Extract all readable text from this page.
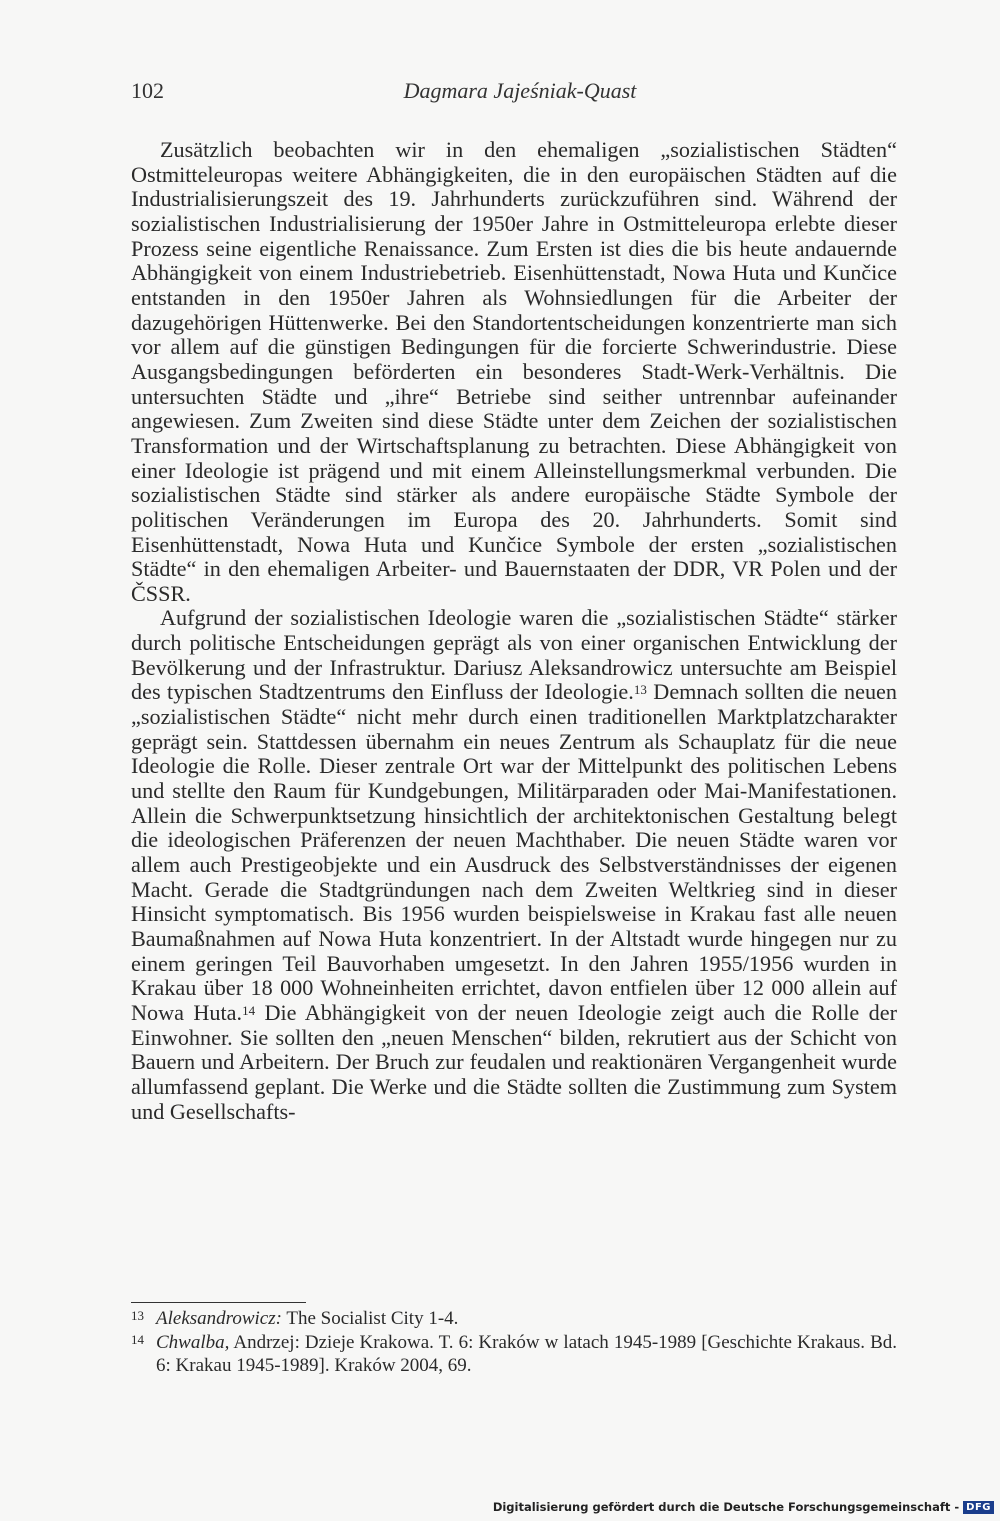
102	Dagmara Jajeśniak-Quast

Zusätzlich beobachten wir in den ehemaligen „sozialistischen Städten“ Ostmitteleuropas weitere Abhängigkeiten, die in den europäischen Städten auf die Industrialisierungszeit des 19. Jahrhunderts zurückzuführen sind. Während der sozialistischen Industrialisierung der 1950er Jahre in Ostmitteleuropa erlebte dieser Prozess seine eigentliche Renaissance. Zum Ersten ist dies die bis heute andauernde Abhängigkeit von einem Industriebetrieb. Eisenhüttenstadt, Nowa Huta und Kunčice entstanden in den 1950er Jahren als Wohnsiedlungen für die Arbeiter der dazugehörigen Hüttenwerke. Bei den Standortentscheidungen konzentrierte man sich vor allem auf die günstigen Bedingungen für die forcierte Schwerindustrie. Diese Ausgangsbedingungen beförderten ein besonderes Stadt-Werk-Verhältnis. Die untersuchten Städte und „ihre“ Betriebe sind seither untrennbar aufeinander angewiesen. Zum Zweiten sind diese Städte unter dem Zeichen der sozialistischen Transformation und der Wirtschaftsplanung zu betrachten. Diese Abhängigkeit von einer Ideologie ist prägend und mit einem Alleinstellungsmerkmal verbunden. Die sozialistischen Städte sind stärker als andere europäische Städte Symbole der politischen Veränderungen im Europa des 20. Jahrhunderts. Somit sind Eisenhüttenstadt, Nowa Huta und Kunčice Symbole der ersten „sozialistischen Städte“ in den ehemaligen Arbeiter- und Bauernstaaten der DDR, VR Polen und der ČSSR.

Aufgrund der sozialistischen Ideologie waren die „sozialistischen Städte“ stärker durch politische Entscheidungen geprägt als von einer organischen Entwicklung der Bevölkerung und der Infrastruktur. Dariusz Aleksandrowicz untersuchte am Beispiel des typischen Stadtzentrums den Einfluss der Ideologie.$^{13}$ Demnach sollten die neuen „sozialistischen Städte“ nicht mehr durch einen traditionellen Marktplatzcharakter geprägt sein. Stattdessen übernahm ein neues Zentrum als Schauplatz für die neue Ideologie die Rolle. Dieser zentrale Ort war der Mittelpunkt des politischen Lebens und stellte den Raum für Kundgebungen, Militärparaden oder Mai-Manifestationen. Allein die Schwerpunktsetzung hinsichtlich der architektonischen Gestaltung belegt die ideologischen Präferenzen der neuen Machthaber. Die neuen Städte waren vor allem auch Prestigeobjekte und ein Ausdruck des Selbstverständnisses der eigenen Macht. Gerade die Stadtgründungen nach dem Zweiten Weltkrieg sind in dieser Hinsicht symptomatisch. Bis 1956 wurden beispielsweise in Krakau fast alle neuen Baumaßnahmen auf Nowa Huta konzentriert. In der Altstadt wurde hingegen nur zu einem geringen Teil Bauvorhaben umgesetzt. In den Jahren 1955/1956 wurden in Krakau über 18 000 Wohneinheiten errichtet, davon entfielen über 12 000 allein auf Nowa Huta.$^{14}$ Die Abhängigkeit von der neuen Ideologie zeigt auch die Rolle der Einwohner. Sie sollten den „neuen Menschen“ bilden, rekrutiert aus der Schicht von Bauern und Arbeitern. Der Bruch zur feudalen und reaktionären Vergangenheit wurde allumfassend geplant. Die Werke und die Städte sollten die Zustimmung zum System und Gesellschafts-

13 Aleksandrowicz: The Socialist City 1-4.
14 Chwalba, Andrzej: Dzieje Krakowa. T. 6: Kraków w latach 1945-1989 [Geschichte Krakaus. Bd. 6: Krakau 1945-1989]. Kraków 2004, 69.
Digitalisierung gefördert durch die Deutsche Forschungsgemeinschaft - DFG
